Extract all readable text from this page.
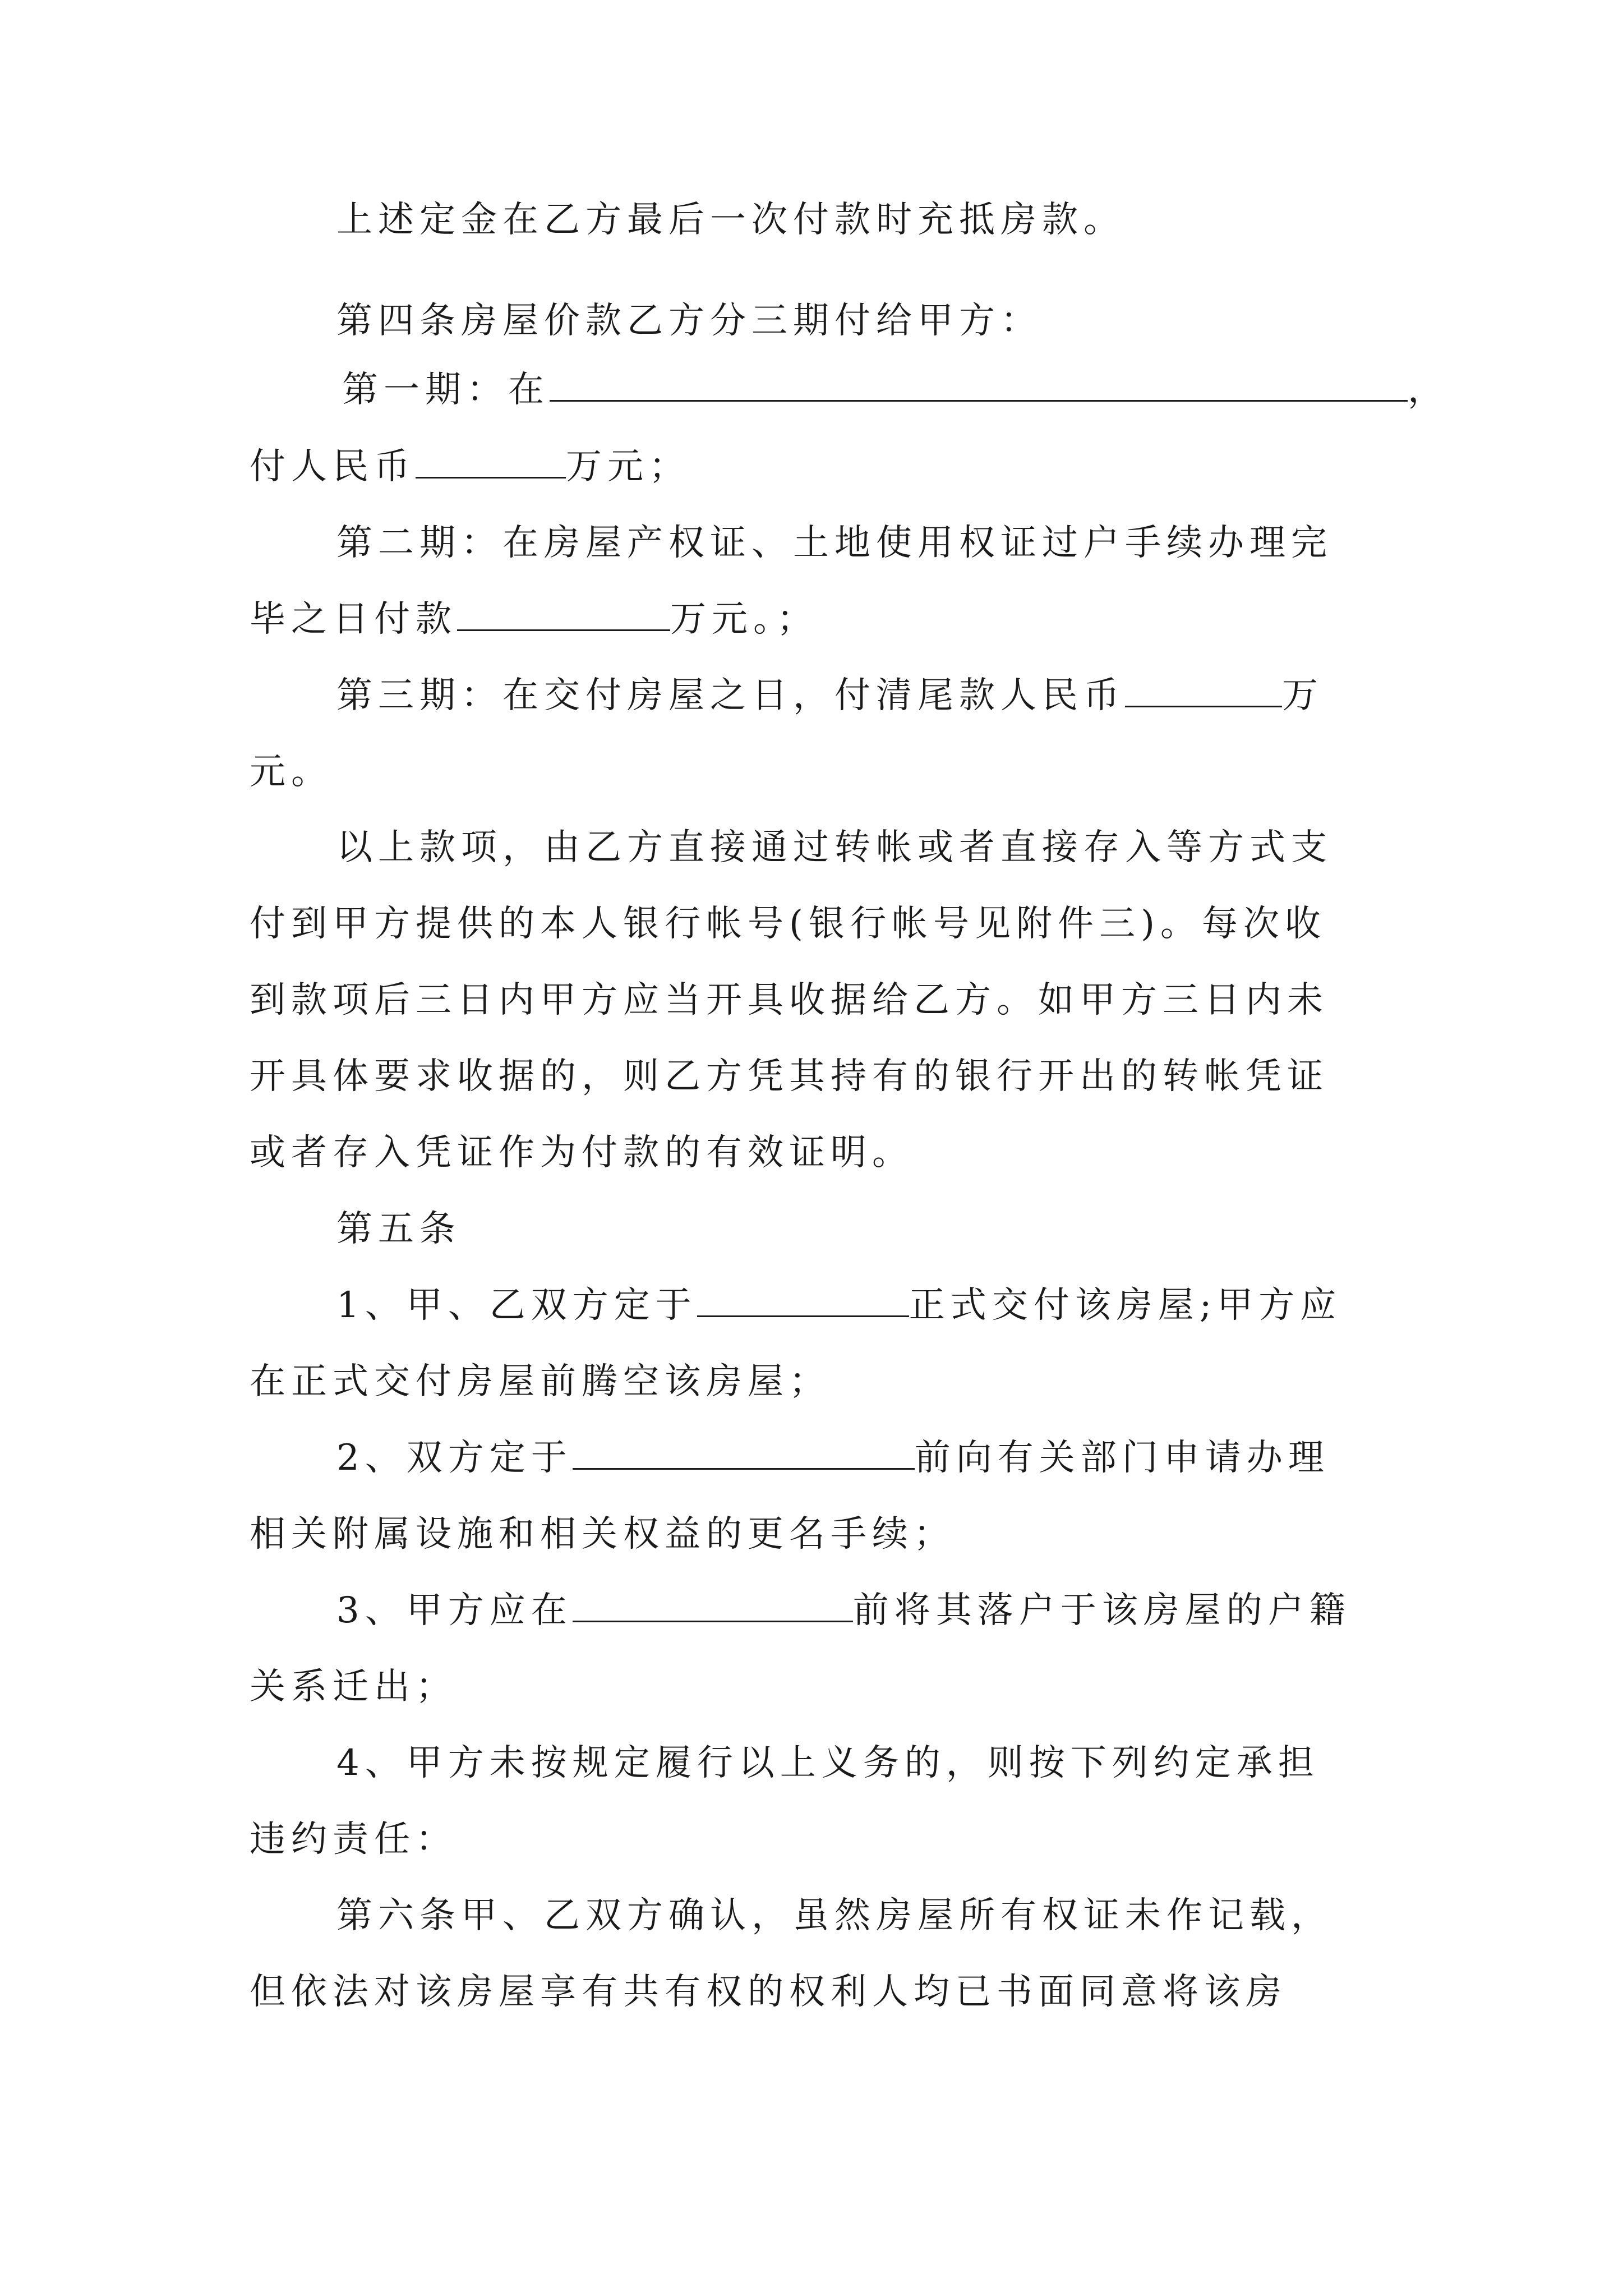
上述定金在乙方最后一次付款时充抵房款。
第四条房屋价款乙方分三期付给甲方：
第一期：在	，
付人民币	万元；
第二期：在房屋产权证、土地使用权证过户手续办理完
毕之日付款	万元。；
第三期：在交付房屋之日，付清尾款人民币	万
元。
以上款项，由乙方直接通过转帐或者直接存入等方式支
付到甲方提供的本人银行帐号(银行帐号见附件三)。每次收
到款项后三日内甲方应当开具收据给乙方。如甲方三日内未
开具体要求收据的，则乙方凭其持有的银行开出的转帐凭证
或者存入凭证作为付款的有效证明。
第五条
1、甲、乙双方定于	正式交付该房屋;甲方应
在正式交付房屋前腾空该房屋；
2、双方定于	前向有关部门申请办理
相关附属设施和相关权益的更名手续；
3、甲方应在	前将其落户于该房屋的户籍
关系迁出；
4、甲方未按规定履行以上义务的，则按下列约定承担
违约责任：
第六条甲、乙双方确认，虽然房屋所有权证未作记载，
但依法对该房屋享有共有权的权利人均已书面同意将该房
